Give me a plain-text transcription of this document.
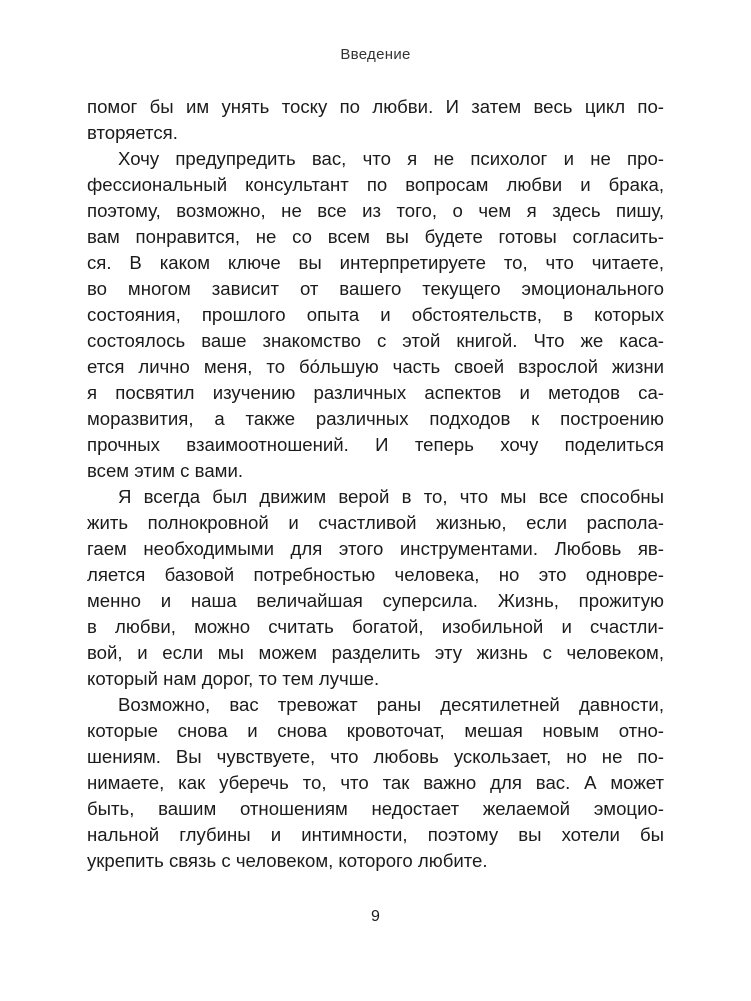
Введение
помог бы им унять тоску по любви. И затем весь цикл по-
вторяется.
Хочу предупредить вас, что я не психолог и не про-
фессиональный консультант по вопросам любви и брака,
поэтому, возможно, не все из того, о чем я здесь пишу,
вам понравится, не со всем вы будете готовы согласить-
ся. В каком ключе вы интерпретируете то, что читаете,
во многом зависит от вашего текущего эмоционального
состояния, прошлого опыта и обстоятельств, в которых
состоялось ваше знакомство с этой книгой. Что же каса-
ется лично меня, то бо́льшую часть своей взрослой жизни
я посвятил изучению различных аспектов и методов са-
моразвития, а также различных подходов к построению
прочных взаимоотношений. И теперь хочу поделиться
всем этим с вами.
Я всегда был движим верой в то, что мы все способны
жить полнокровной и счастливой жизнью, если распола-
гаем необходимыми для этого инструментами. Любовь яв-
ляется базовой потребностью человека, но это одновре-
менно и наша величайшая суперсила. Жизнь, прожитую
в любви, можно считать богатой, изобильной и счастли-
вой, и если мы можем разделить эту жизнь с человеком,
который нам дорог, то тем лучше.
Возможно, вас тревожат раны десятилетней давности,
которые снова и снова кровоточат, мешая новым отно-
шениям. Вы чувствуете, что любовь ускользает, но не по-
нимаете, как уберечь то, что так важно для вас. А может
быть, вашим отношениям недостает желаемой эмоцио-
нальной глубины и интимности, поэтому вы хотели бы
укрепить связь с человеком, которого любите.
9
